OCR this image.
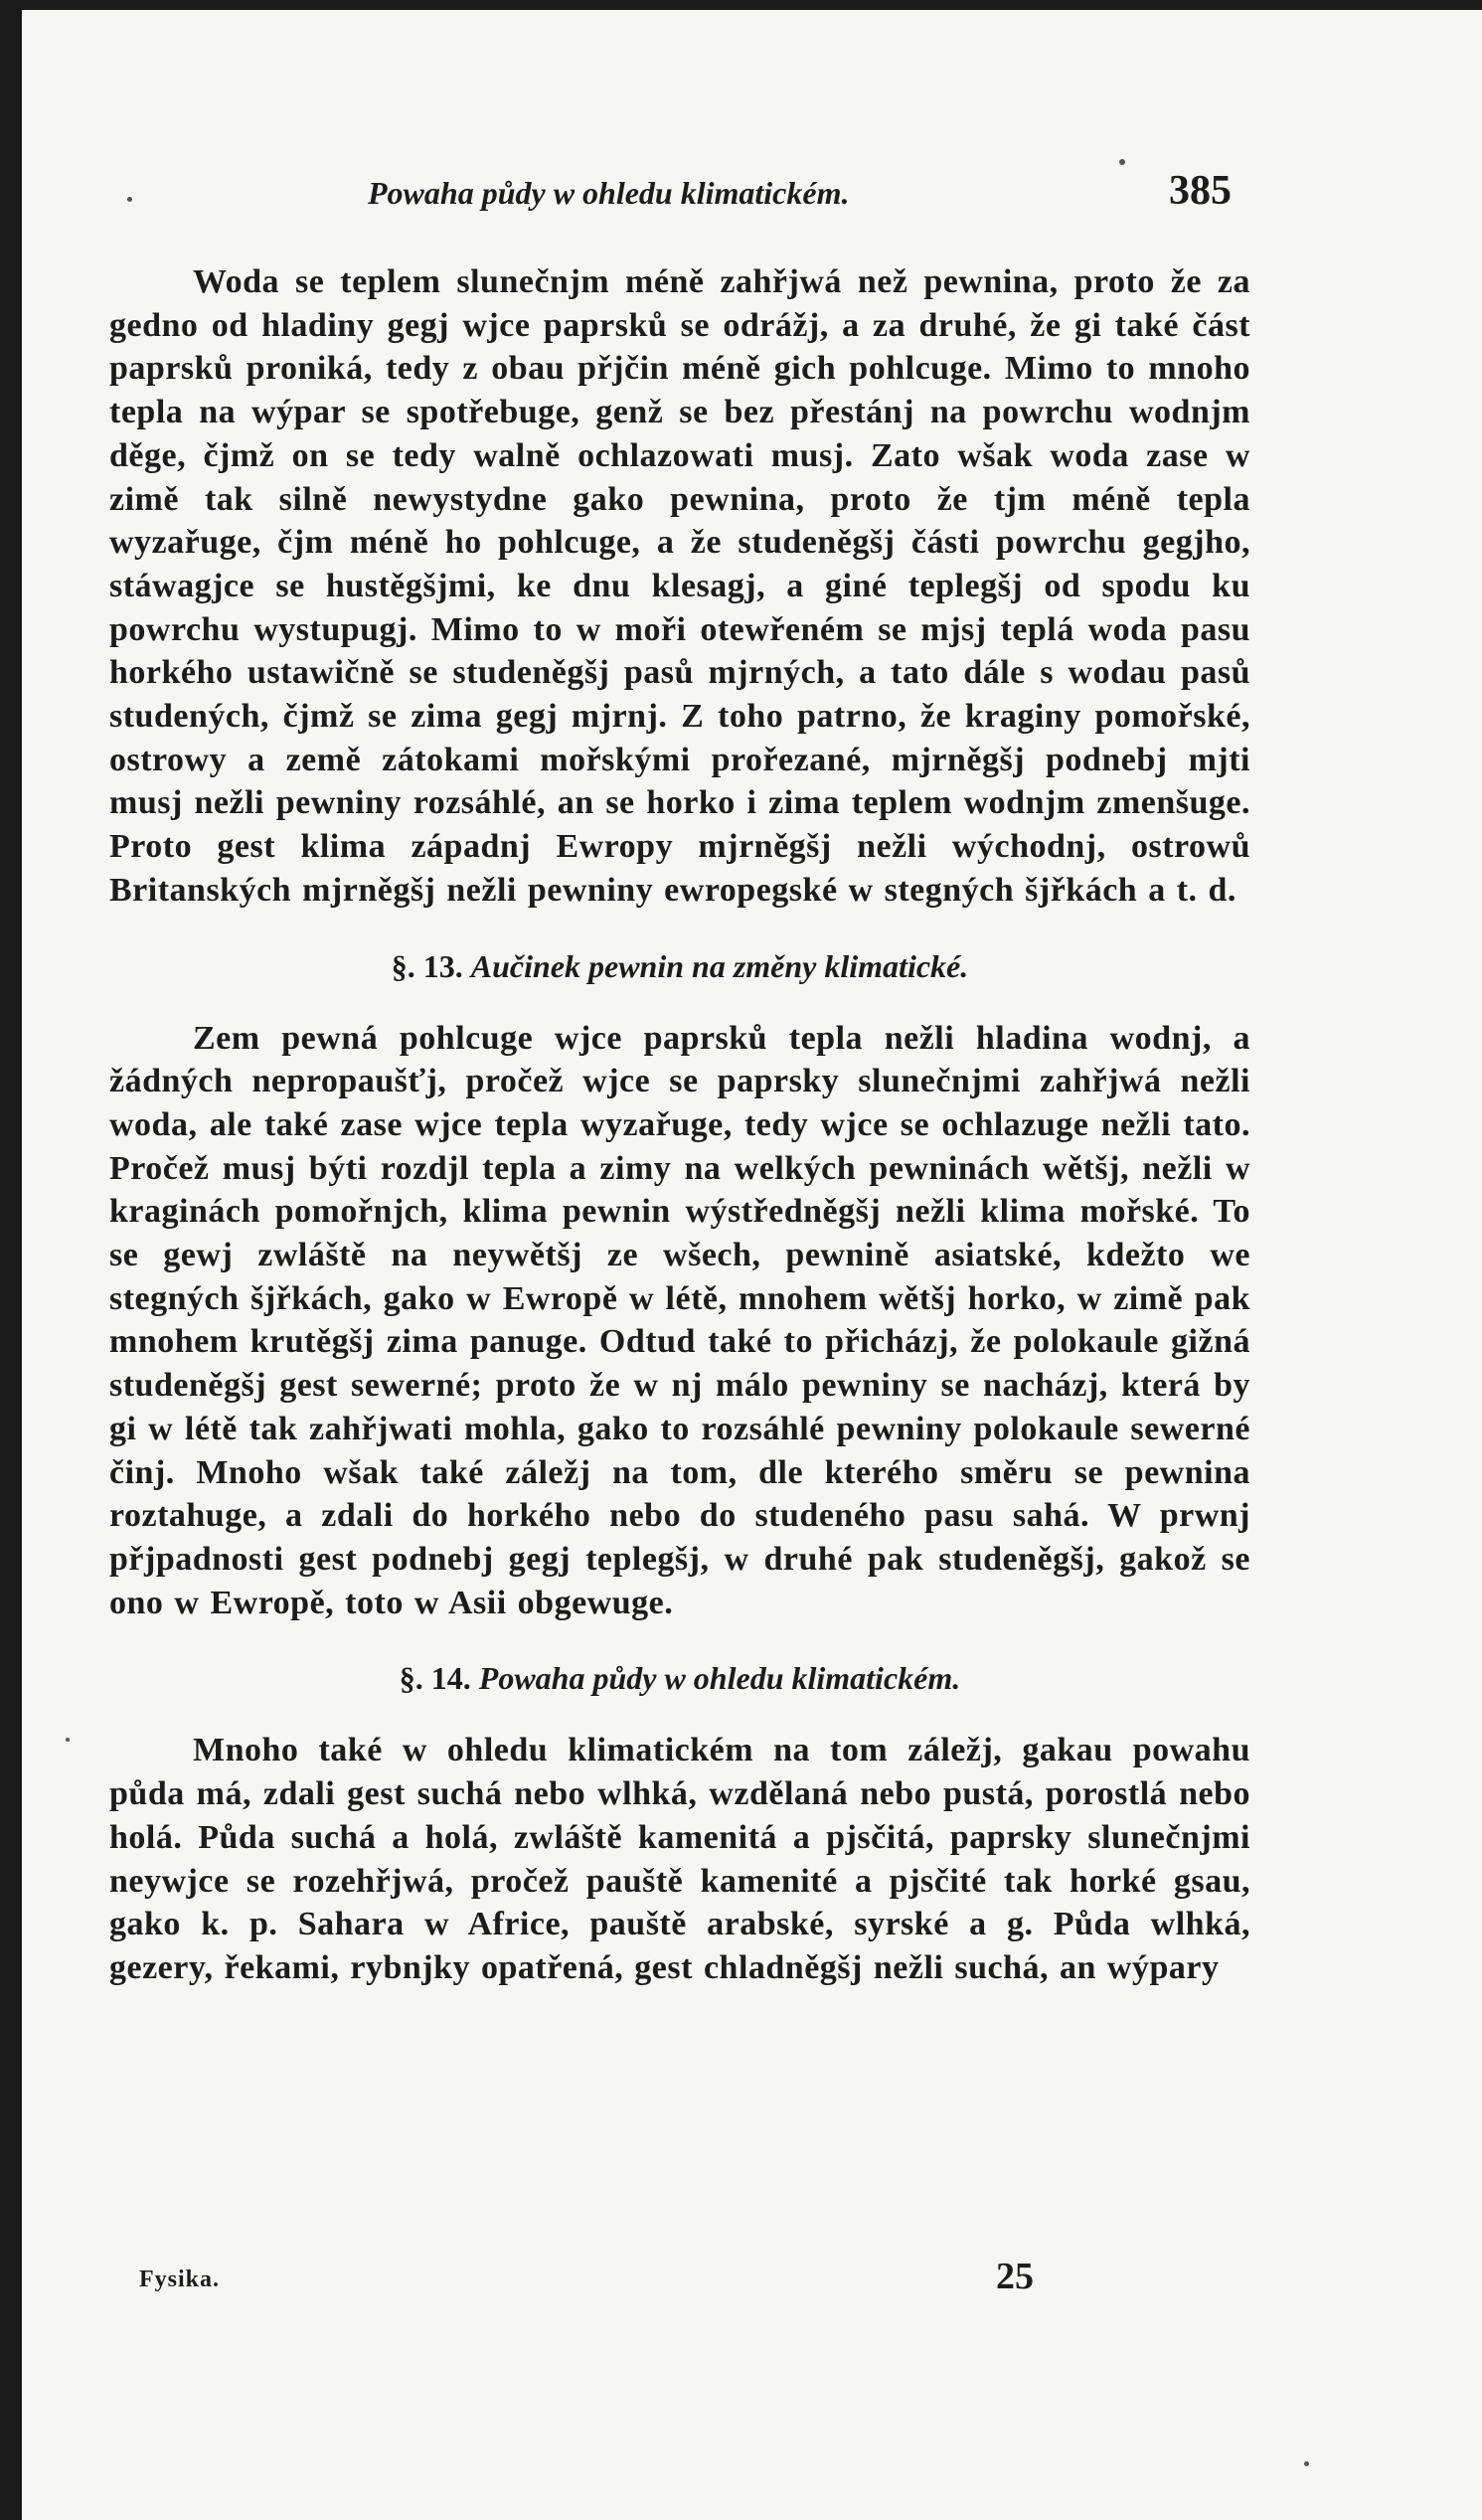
Powaha půdy w ohledu klimatickém.	385

Woda se teplem slunečnjm méně zahřjwá než pewnina, proto že za gedno od hladiny gegj wjce paprsků se odrážj, a za druhé, že gi také část paprsků proniká, tedy z obau přjčin méně gich pohlcuge. Mimo to mnoho tepla na wýpar se spotřebuge, genž se bez přestánj na powrchu wodnjm děge, čjmž on se tedy walně ochlazowati musj. Zato wšak woda zase w zimě tak silně newystydne gako pewnina, proto že tjm méně tepla wyzařuge, čjm méně ho pohlcuge, a že studeněgšj části powrchu gegjho, stáwagjce se hustěgšjmi, ke dnu klesagj, a giné teplegšj od spodu ku powrchu wystupugj. Mimo to w moři otewřeném se mjsj teplá woda pasu horkého ustawičně se studeněgšj pasů mjrných, a tato dále s wodau pasů studených, čjmž se zima gegj mjrnj. Z toho patrno, že kraginy pomořské, ostrowy a země zátokami mořskými prořezané, mjrněgšj podnebj mjti musj nežli pewniny rozsáhlé, an se horko i zima teplem wodnjm zmenšuge. Proto gest klima západnj Ewropy mjrněgšj nežli wýchodnj, ostrowů Britanských mjrněgšj nežli pewniny ewropegské w stegných šjřkách a t. d.

§. 13. Aučinek pewnin na změny klimatické.

Zem pewná pohlcuge wjce paprsků tepla nežli hladina wodnj, a žádných nepropaušťj, pročež wjce se paprsky slunečnjmi zahřjwá nežli woda, ale také zase wjce tepla wyzařuge, tedy wjce se ochlazuge nežli tato. Pročež musj býti rozdjl tepla a zimy na welkých pewninách wětšj, nežli w kraginách pomořnjch, klima pewnin wýstředněgšj nežli klima mořské. To se gewj zwláště na neywětšj ze wšech, pewnině asiatské, kdežto we stegných šjřkách, gako w Ewropě w létě, mnohem wětšj horko, w zimě pak mnohem krutěgšj zima panuge. Odtud také to přicházj, že polokaule gižná studeněgšj gest sewerné; proto že w nj málo pewniny se nacházj, která by gi w létě tak zahřjwati mohla, gako to rozsáhlé pewniny polokaule sewerné činj. Mnoho wšak také záležj na tom, dle kterého směru se pewnina roztahuge, a zdali do horkého nebo do studeného pasu sahá. W prwnj přjpadnosti gest podnebj gegj teplegšj, w druhé pak studeněgšj, gakož se ono w Ewropě, toto w Asii obgewuge.

§. 14. Powaha půdy w ohledu klimatickém.

Mnoho také w ohledu klimatickém na tom záležj, gakau powahu půda má, zdali gest suchá nebo wlhká, wzdělaná nebo pustá, porostlá nebo holá. Půda suchá a holá, zwláště kamenitá a pjsčitá, paprsky slunečnjmi neywjce se rozehřjwá, pročež pauště kamenité a pjsčité tak horké gsau, gako k. p. Sahara w Africe, pauště arabské, syrské a g. Půda wlhká, gezery, řekami, rybnjky opatřená, gest chladněgšj nežli suchá, an wýpary

Fysika.	25
